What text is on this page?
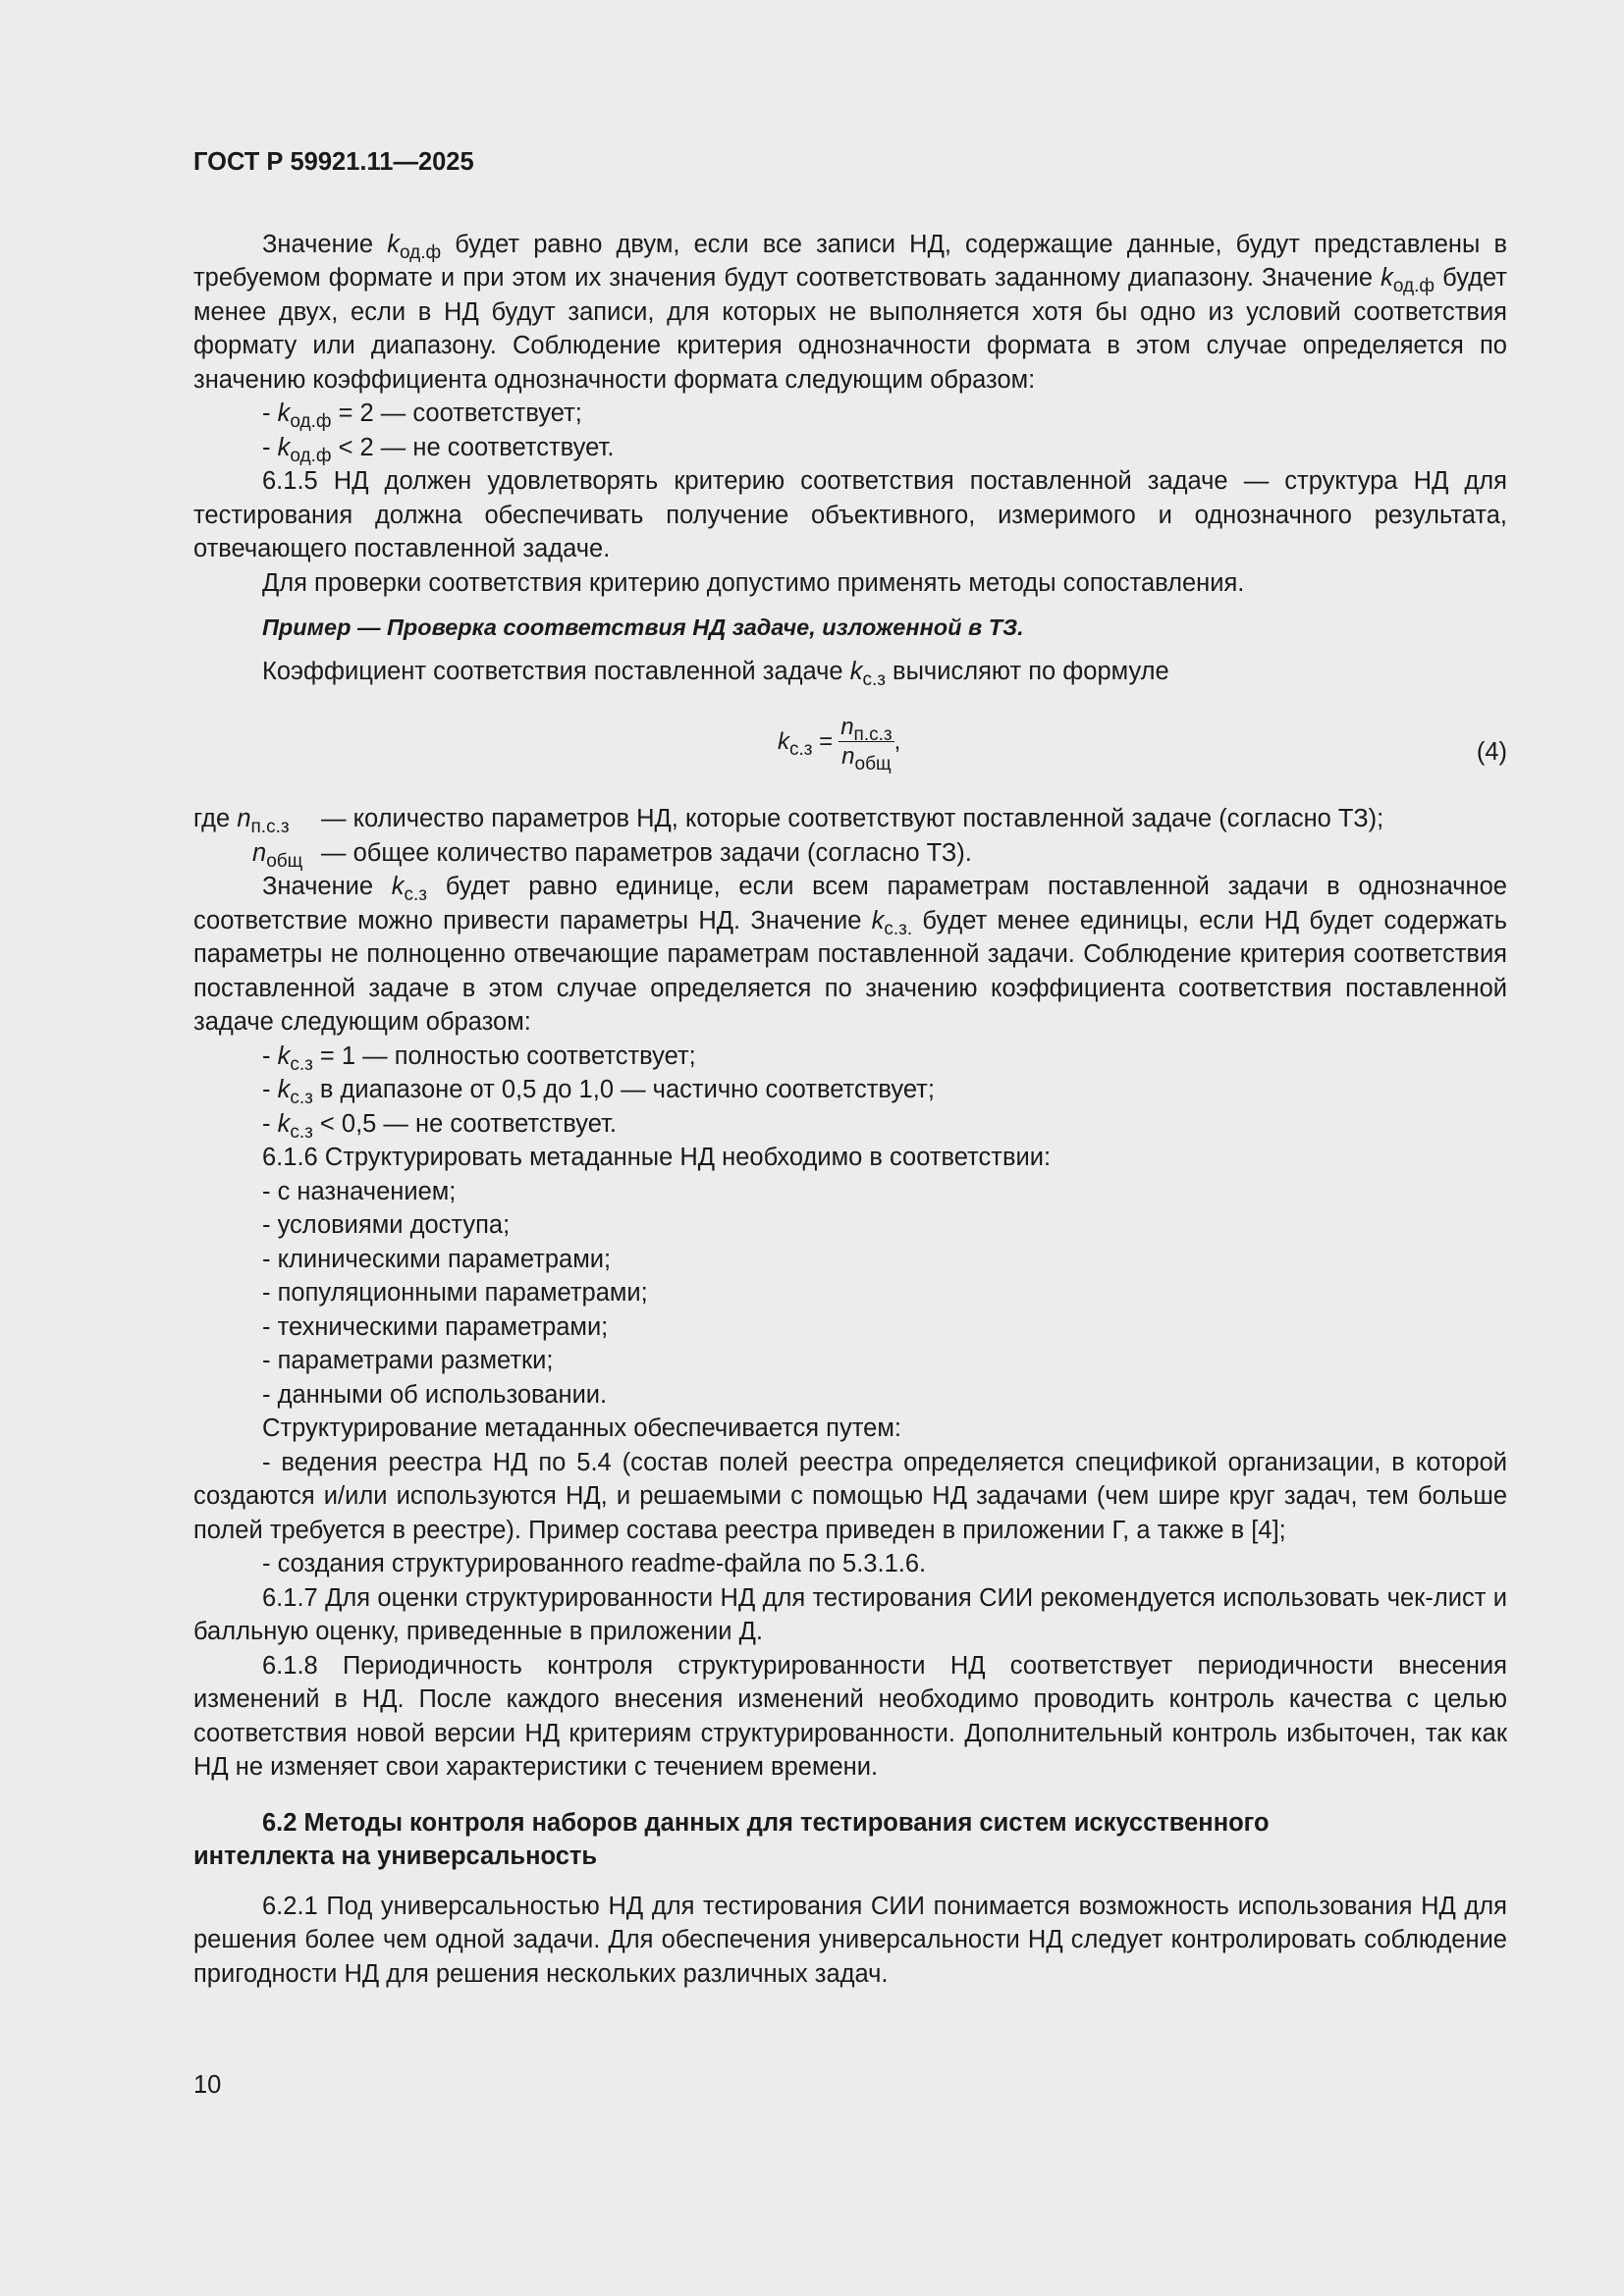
ГОСТ Р 59921.11—2025

Значение $k_{од.ф}$ будет равно двум, если все записи НД, содержащие данные, будут представлены в требуемом формате и при этом их значения будут соответствовать заданному диапазону. Значение $k_{од.ф}$ будет менее двух, если в НД будут записи, для которых не выполняется хотя бы одно из условий соответствия формату или диапазону. Соблюдение критерия однозначности формата в этом случае определяется по значению коэффициента однозначности формата следующим образом:

- $k_{од.ф} = 2$ — соответствует;

- $k_{од.ф} < 2$ — не соответствует.

6.1.5 НД должен удовлетворять критерию соответствия поставленной задаче — структура НД для тестирования должна обеспечивать получение объективного, измеримого и однозначного результата, отвечающего поставленной задаче.

Для проверки соответствия критерию допустимо применять методы сопоставления.

Пример — Проверка соответствия НД задаче, изложенной в ТЗ.

Коэффициент соответствия поставленной задаче $k_{с.з}$ вычисляют по формуле

$k_{с.з} = \frac{n_{п.с.з}}{n_{общ}}$ ,	(4)
где $n_{п.с.з}$	— количество параметров НД, которые соответствуют поставленной задаче (согласно ТЗ);
$n_{общ}$ — общее количество параметров задачи (согласно ТЗ).

Значение $k_{с.з}$ будет равно единице, если всем параметрам поставленной задачи в однозначное соответствие можно привести параметры НД. Значение $k_{с.з.}$ будет менее единицы, если НД будет содержать параметры не полноценно отвечающие параметрам поставленной задачи. Соблюдение критерия соответствия поставленной задаче в этом случае определяется по значению коэффициента соответствия поставленной задаче следующим образом:

- $k_{с.з} = 1$ — полностью соответствует;

- $k_{с.з}$ в диапазоне от 0,5 до 1,0 — частично соответствует;

- $k_{с.з} < 0,5$ — не соответствует.

6.1.6 Структурировать метаданные НД необходимо в соответствии:

- с назначением;

- условиями доступа;

- клиническими параметрами;

- популяционными параметрами;

- техническими параметрами;

- параметрами разметки;

- данными об использовании.

Структурирование метаданных обеспечивается путем:

- ведения реестра НД по 5.4 (состав полей реестра определяется спецификой организации, в которой создаются и/или используются НД, и решаемыми с помощью НД задачами (чем шире круг задач, тем больше полей требуется в реестре). Пример состава реестра приведен в приложении Г, а также в [4];

- создания структурированного readme-файла по 5.3.1.6.

6.1.7 Для оценки структурированности НД для тестирования СИИ рекомендуется использовать чек-лист и балльную оценку, приведенные в приложении Д.

6.1.8 Периодичность контроля структурированности НД соответствует периодичности внесения изменений в НД. После каждого внесения изменений необходимо проводить контроль качества с целью соответствия новой версии НД критериям структурированности. Дополнительный контроль избыточен, так как НД не изменяет свои характеристики с течением времени.

6.2 Методы контроля наборов данных для тестирования систем искусственного интеллекта на универсальность

6.2.1 Под универсальностью НД для тестирования СИИ понимается возможность использования НД для решения более чем одной задачи. Для обеспечения универсальности НД следует контролировать соблюдение пригодности НД для решения нескольких различных задач.

10
